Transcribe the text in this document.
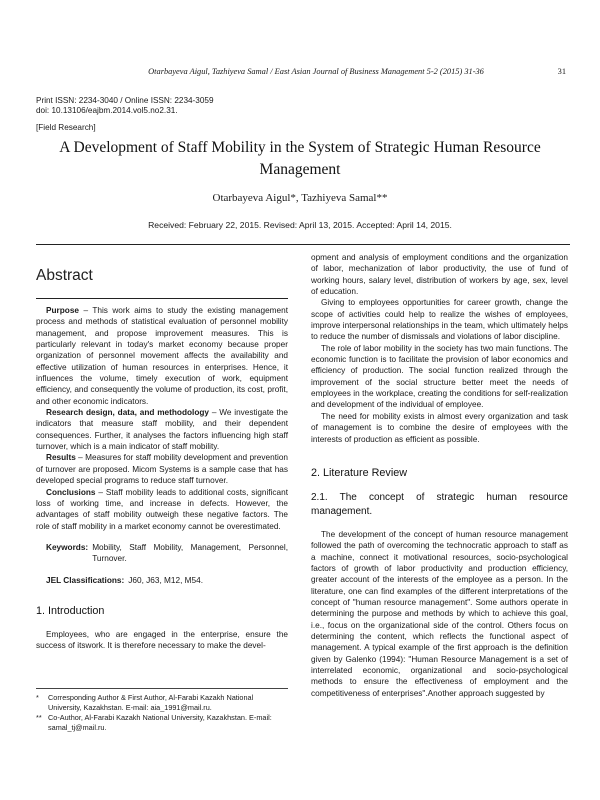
Otarbayeva Aigul, Tazhiyeva Samal / East Asian Journal of Business Management 5-2 (2015) 31-36	31
Print ISSN: 2234-3040 / Online ISSN: 2234-3059
doi: 10.13106/eajbm.2014.vol5.no2.31.
[Field Research]
A Development of Staff Mobility in the System of Strategic Human Resource Management
Otarbayeva Aigul*, Tazhiyeva Samal**
Received: February 22, 2015. Revised: April 13, 2015. Accepted: April 14, 2015.
Abstract

Purpose – This work aims to study the existing management process and methods of statistical evaluation of personnel mobility management, and propose improvement measures. This is particularly relevant in today's market economy because proper organization of personnel movement affects the availability and effective utilization of human resources in enterprises. Hence, it influences the volume, timely execution of work, equipment efficiency, and consequently the volume of production, its cost, profit, and other economic indicators.

Research design, data, and methodology – We investigate the indicators that measure staff mobility, and their dependent consequences. Further, it analyses the factors influencing high staff turnover, which is a main indicator of staff mobility.

Results – Measures for staff mobility development and prevention of turnover are proposed. Micom Systems is a sample case that has developed special programs to reduce staff turnover.

Conclusions – Staff mobility leads to additional costs, significant loss of working time, and increase in defects. However, the advantages of staff mobility outweigh these negative factors. The role of staff mobility in a market economy cannot be overestimated.

Keywords: Mobility, Staff Mobility, Management, Personnel, Turnover.
JEL Classifications: J60, J63, M12, M54.
1. Introduction

Employees, who are engaged in the enterprise, ensure the success of itswork. It is therefore necessary to make the devel-

*	Corresponding Author & First Author, Al-Farabi Kazakh National University, Kazakhstan. E-mail: aia_1991@mail.ru.
** Co-Author, Al-Farabi Kazakh National University, Kazakhstan. E-mail: samal_tj@mail.ru.

opment and analysis of employment conditions and the organization of labor, mechanization of labor productivity, the use of fund of working hours, salary level, distribution of workers by age, sex, level of education.

Giving to employees opportunities for career growth, change the scope of activities could help to realize the wishes of employees, improve interpersonal relationships in the team, which ultimately helps to reduce the number of dismissals and violations of labor discipline.

The role of labor mobility in the society has two main functions. The economic function is to facilitate the provision of labor economics and efficiency of production. The social function realized through the improvement of the social structure better meet the needs of employees in the workplace, creating the conditions for self-realization and development of the individual of employee.

The need for mobility exists in almost every organization and task of management is to combine the desire of employees with the interests of production as efficient as possible.

2. Literature Review
2.1. The concept of strategic human resource management.

The development of the concept of human resource management followed the path of overcoming the technocratic approach to staff as a machine, connect it motivational resources, socio-psychological factors of growth of labor productivity and production efficiency, greater account of the interests of the employee as a person. In the literature, one can find examples of the different interpretations of the concept of "human resource management". Some authors operate in determining the purpose and methods by which to achieve this goal, i.e., focus on the organizational side of the control. Others focus on determining the content, which reflects the functional aspect of management. A typical example of the first approach is the definition given by Galenko (1994): "Human Resource Management is a set of interrelated economic, organizational and socio-psychological methods to ensure the effectiveness of employment and the competitiveness of enterprises".Another approach suggested by
